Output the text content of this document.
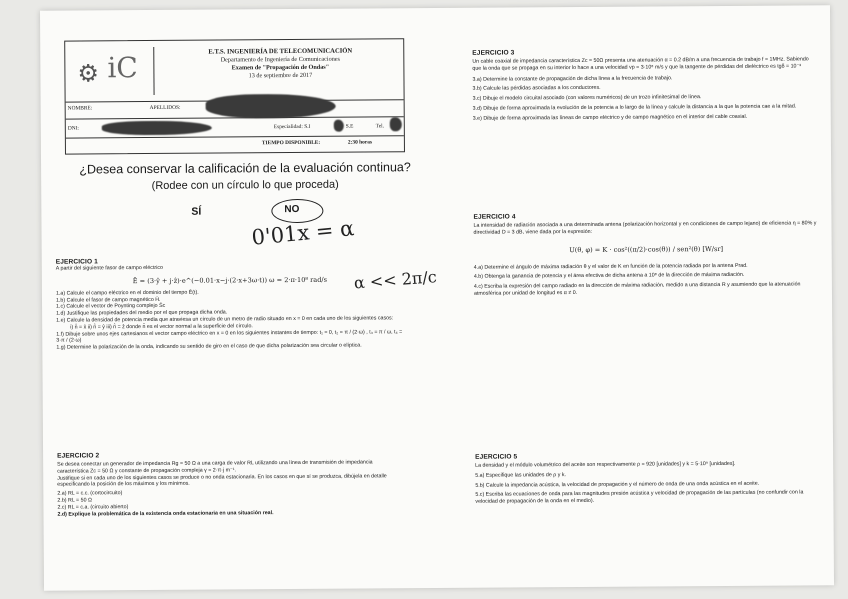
⚙ iC	E.T.S. INGENIERÍA DE TELECOMUNICACIÓN
Departamento de Ingeniería de Comunicaciones
Examen de "Propagación de Ondas"
13 de septiembre de 2017
NOMBRE:	APELLIDOS:
DNI:	Especialidad: S.I	S.E	Tel.
TIEMPO DISPONIBLE:	2:30 horas
¿Desea conservar la calificación de la evaluación continua?
(Rodee con un círculo lo que proceda)
SÍ	NO
0'01x = α
EJERCICIO 1
A partir del siguiente fasor de campo eléctrico
Ē = (3·ŷ + j·ẑ)·e^(−0.01·x−j·(2·x+3ω·t)) ω = 2·π·10⁸ rad/s
1.a) Calcule el campo eléctrico en el dominio del tiempo Ē(t).
1.b) Calcule el fasor de campo magnético H̄.
1.c) Calcule el vector de Poynting complejo S̄c
1.d) Justifique las propiedades del medio por el que propaga dicha onda.
1.e) Calcule la densidad de potencia media que atraviesa un círculo de un metro de radio situado en x = 0 en cada uno de los siguientes casos:
i) n̂ = x̂ ii) n̂ = ŷ iii) n̂ = ẑ donde n̂ es el vector normal a la superficie del círculo.
1.f) Dibuje sobre unos ejes cartesianos el vector campo eléctrico en x = 0 en los siguientes instantes de tiempo: t₁ = 0, t₂ = π / (2·ω) , t₃ = π / ω, t₄ = 3·π / (2·ω)
1.g) Determine la polarización de la onda, indicando su sentido de giro en el caso de que dicha polarización sea circular o elíptica.
EJERCICIO 2
Se desea conectar un generador de impedancia Rg = 50 Ω a una carga de valor RL utilizando una línea de transmisión de impedancia característica Zc = 50 Ω y constante de propagación compleja γ = 2·π·j m⁻¹.
Justifique si en cada uno de los siguientes casos se produce o no onda estacionaria. En los casos en que sí se produzca, dibújela en detalle especificando la posición de los máximos y los mínimos.
2.a) RL = c.c. (cortocircuito)
2.b) RL = 50 Ω
2.c) RL = c.a. (circuito abierto)
2.d) Explique la problemática de la existencia onda estacionaria en una situación real.
α << 2π/c
EJERCICIO 3
Un cable coaxial de impedancia característica Zc = 50Ω presenta una atenuación α = 0.2 dB/m a una frecuencia de trabajo f = 1MHz. Sabiendo que la onda que se propaga en su interior lo hace a una velocidad vp = 3·10⁸ m/s y que la tangente de pérdidas del dieléctrico es tgδ = 10⁻³
3.a) Determine la constante de propagación de dicha línea a la frecuencia de trabajo.
3.b) Calcule las pérdidas asociadas a los conductores.
3.c) Dibuje el modelo circuital asociado (con valores numéricos) de un trozo infinitesimal de línea.
3.d) Dibuje de forma aproximada la evolución de la potencia a lo largo de la línea y calcule la distancia a la que la potencia cae a la mitad.
3.e) Dibuje de forma aproximada las líneas de campo eléctrico y de campo magnético en el interior del cable coaxial.
EJERCICIO 4
La intensidad de radiación asociada a una determinada antena (polarización horizontal y en condiciones de campo lejano) de eficiencia η = 80% y directividad D = 3 dB, viene dada por la expresión:
U(θ, φ) = K · cos²((π/2)·cos(θ)) / sen²(θ) [W/sr]
4.a) Determine el ángulo de máxima radiación θ y el valor de K en función de la potencia radiada por la antena Prad.
4.b) Obtenga la ganancia de potencia y el área efectiva de dicha antena a 10⁸ de la dirección de máxima radiación.
4.c) Escriba la expresión del campo radiado en la dirección de máxima radiación, medido a una distancia R y asumiendo que la atenuación atmosférica por unidad de longitud es α ≠ 0.
EJERCICIO 5
La densidad y el módulo volumétrico del aceite son respectivamente ρ = 920 [unidades] y k = 5·10⁹ [unidades].
5.a) Especifique las unidades de ρ y k.
5.b) Calcule la impedancia acústica, la velocidad de propagación y el número de onda de una onda acústica en el aceite.
5.c) Escriba las ecuaciones de onda para las magnitudes presión acústica y velocidad de propagación de las partículas (no confundir con la velocidad de propagación de la onda en el medio).
